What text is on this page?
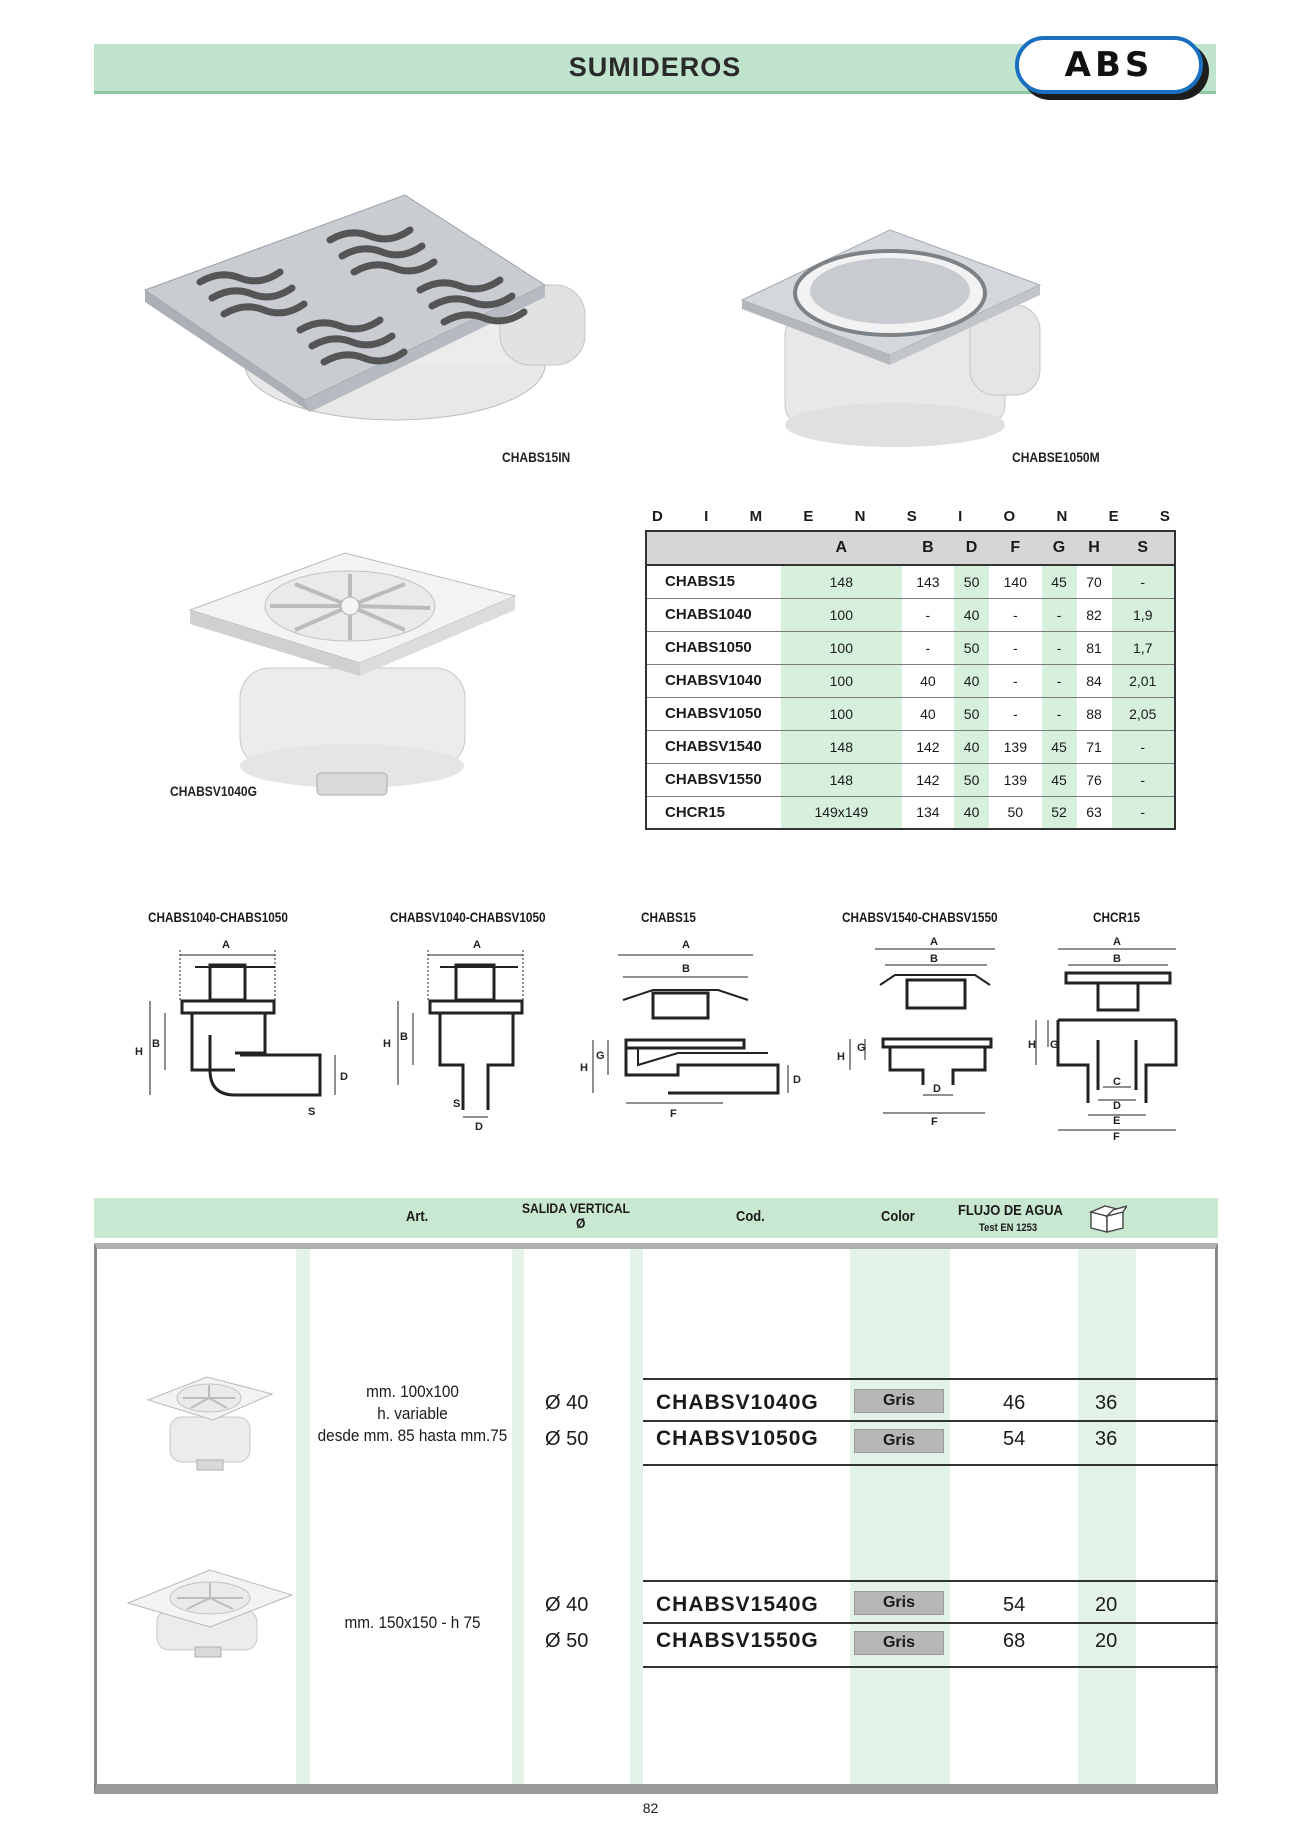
SUMIDEROS	ABS
CHABS15IN	CHABSE1050M
CHABSV1040G
D	I	M	E	N	S	I	O	N	E	S
	A	B	D	F	G	H	S
CHABS15	148	143	50	140	45	70	-
CHABS1040	100	-	40	-	-	82	1,9
CHABS1050	100	-	50	-	-	81	1,7
CHABSV1040	100	40	40	-	-	84	2,01
CHABSV1050	100	40	50	-	-	88	2,05
CHABSV1540	148	142	40	139	45	71	-
CHABSV1550	148	142	50	139	45	76	-
CHCR15	149x149	134	40	50	52	63	-
CHABS1040-CHABS1050	CHABSV1040-CHABSV1050	CHABS15	CHABSV1540-CHABSV1550	CHCR15
A
H
B
D
S
A
H
B
D
S
A
B
H
G
D
F
A
B
H
G
D
F
A
B
H G
C
D
E
F
Art.	SALIDA VERTICAL
Ø	Cod.	Color	FLUJO DE AGUA
Test EN 1253
mm. 100x100
h. variable
desde mm. 85 hasta mm.75
Ø 40	CHABSV1040G	Gris	46	36
Ø 50	CHABSV1050G	Gris	54	36
mm. 150x150 - h 75
Ø 40	CHABSV1540G	Gris	54	20
Ø 50	CHABSV1550G	Gris	68	20
82
